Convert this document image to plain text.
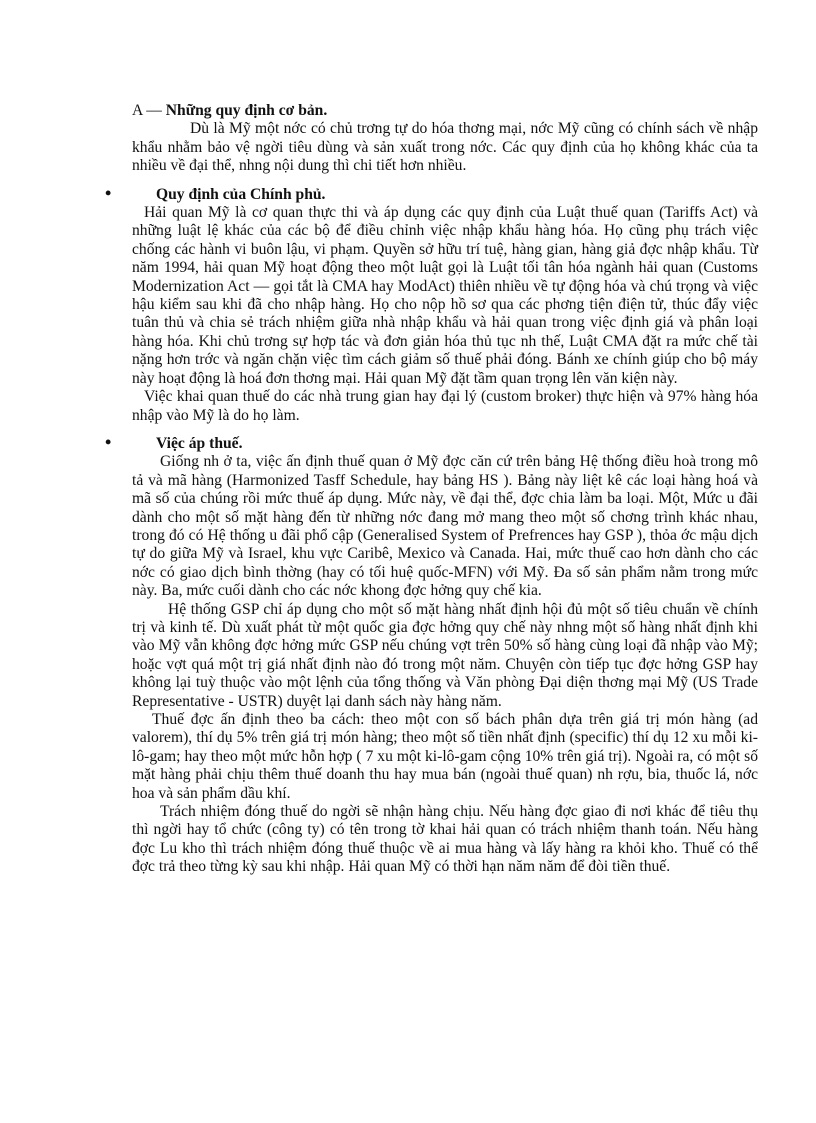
A — Những quy định cơ bản.

Dù là Mỹ một nớc có chủ trơng tự do hóa thơng mại, nớc Mỹ cũng có chính sách về nhập khẩu nhằm bảo vệ ngời tiêu dùng và sản xuất trong nớc. Các quy định của họ không khác của ta nhiều về đại thể, nhng nội dung thì chi tiết hơn nhiều.

•	Quy định của Chính phủ.

Hải quan Mỹ là cơ quan thực thi và áp dụng các quy định của Luật thuế quan (Tariffs Act) và những luật lệ khác của các bộ để điều chỉnh việc nhập khẩu hàng hóa. Họ cũng phụ trách việc chống các hành vi buôn lậu, vi phạm. Quyền sở hữu trí tuệ, hàng gian, hàng giả đợc nhập khẩu. Từ năm 1994, hải quan Mỹ hoạt động theo một luật gọi là Luật tối tân hóa ngành hải quan (Customs Modernization Act — gọi tắt là CMA hay ModAct) thiên nhiều về tự động hóa và chú trọng và việc hậu kiểm sau khi đã cho nhập hàng. Họ cho nộp hồ sơ qua các phơng tiện điện tử, thúc đẩy việc tuân thủ và chia sẻ trách nhiệm giữa nhà nhập khẩu và hải quan trong việc định giá và phân loại hàng hóa. Khi chủ trơng sự hợp tác và đơn giản hóa thủ tục nh thế, Luật CMA đặt ra mức chế tài nặng hơn trớc và ngăn chặn việc tìm cách giảm số thuế phải đóng. Bánh xe chính giúp cho bộ máy này hoạt động là hoá đơn thơng mại. Hải quan Mỹ đặt tầm quan trọng lên văn kiện này.

Việc khai quan thuế do các nhà trung gian hay đại lý (custom broker) thực hiện và 97% hàng hóa nhập vào Mỹ là do họ làm.

•	Việc áp thuế.

Giống nh ở ta, việc ấn định thuế quan ở Mỹ đợc căn cứ trên bảng Hệ thống điều hoà trong mô tả và mã hàng (Harmonized Tasff Schedule, hay bảng HS ). Bảng này liệt kê các loại hàng hoá và mã số của chúng rồi mức thuế áp dụng. Mức này, về đại thể, đợc chia làm ba loại. Một, Mức u đãi dành cho một số mặt hàng đến từ những nớc đang mở mang theo một số chơng trình khác nhau, trong đó có Hệ thống u đãi phổ cập (Generalised System of Prefrences hay GSP ), thỏa ớc mậu dịch tự do giữa Mỹ và Israel, khu vực Caribê, Mexico và Canada. Hai, mức thuế cao hơn dành cho các nớc có giao dịch bình thờng (hay có tối huệ quốc-MFN) với Mỹ. Đa số sản phẩm nằm trong mức này. Ba, mức cuối dành cho các nớc khong đợc hởng quy chế kia.

Hệ thống GSP chỉ áp dụng cho một số mặt hàng nhất định hội đủ một số tiêu chuẩn về chính trị và kinh tế. Dù xuất phát từ một quốc gia đợc hởng quy chế này nhng một số hàng nhất định khi vào Mỹ vẫn không đợc hởng mức GSP nếu chúng vợt trên 50% số hàng cùng loại đã nhập vào Mỹ; hoặc vợt quá một trị giá nhất định nào đó trong một năm. Chuyện còn tiếp tục đợc hởng GSP hay không lại tuỳ thuộc vào một lệnh của tổng thống và Văn phòng Đại diện thơng mại Mỹ (US Trade Representative - USTR) duyệt lại danh sách này hàng năm.

Thuế đợc ấn định theo ba cách: theo một con số bách phân dựa trên giá trị món hàng (ad valorem), thí dụ 5% trên giá trị món hàng; theo một số tiền nhất định (specific) thí dụ 12 xu mỗi ki-lô-gam; hay theo một mức hỗn hợp ( 7 xu một ki-lô-gam cộng 10% trên giá trị). Ngoài ra, có một số mặt hàng phải chịu thêm thuế doanh thu hay mua bán (ngoài thuế quan) nh rợu, bia, thuốc lá, nớc hoa và sản phẩm dầu khí.

Trách nhiệm đóng thuế do ngời sẽ nhận hàng chịu. Nếu hàng đợc giao đi nơi khác để tiêu thụ thì ngời hay tổ chức (công ty) có tên trong tờ khai hải quan có trách nhiệm thanh toán. Nếu hàng đợc Lu kho thì trách nhiệm đóng thuế thuộc về ai mua hàng và lấy hàng ra khỏi kho. Thuế có thể đợc trả theo từng kỳ sau khi nhập. Hải quan Mỹ có thời hạn năm năm để đòi tiền thuế.
